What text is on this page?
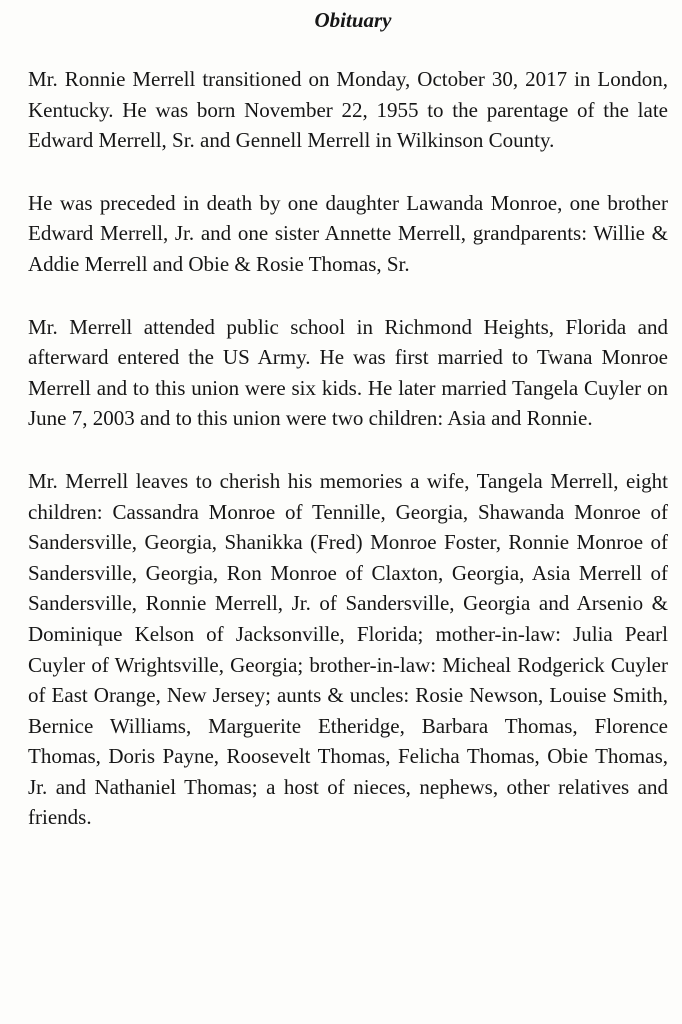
Obituary
Mr. Ronnie Merrell transitioned on Monday, October 30, 2017 in London, Kentucky. He was born November 22, 1955 to the parentage of the late Edward Merrell, Sr. and Gennell Merrell in Wilkinson County.
He was preceded in death by one daughter Lawanda Monroe, one brother Edward Merrell, Jr. and one sister Annette Merrell, grandparents: Willie & Addie Merrell and Obie & Rosie Thomas, Sr.
Mr. Merrell attended public school in Richmond Heights, Florida and afterward entered the US Army. He was first married to Twana Monroe Merrell and to this union were six kids. He later married Tangela Cuyler on June 7, 2003 and to this union were two children: Asia and Ronnie.
Mr. Merrell leaves to cherish his memories a wife, Tangela Merrell, eight children: Cassandra Monroe of Tennille, Georgia, Shawanda Monroe of Sandersville, Georgia, Shanikka (Fred) Monroe Foster, Ronnie Monroe of Sandersville, Georgia, Ron Monroe of Claxton, Georgia, Asia Merrell of Sandersville, Ronnie Merrell, Jr. of Sandersville, Georgia and Arsenio & Dominique Kelson of Jacksonville, Florida; mother-in-law: Julia Pearl Cuyler of Wrightsville, Georgia; brother-in-law: Micheal Rodgerick Cuyler of East Orange, New Jersey; aunts & uncles: Rosie Newson, Louise Smith, Bernice Williams, Marguerite Etheridge, Barbara Thomas, Florence Thomas, Doris Payne, Roosevelt Thomas, Felicha Thomas, Obie Thomas, Jr. and Nathaniel Thomas; a host of nieces, nephews, other relatives and friends.
